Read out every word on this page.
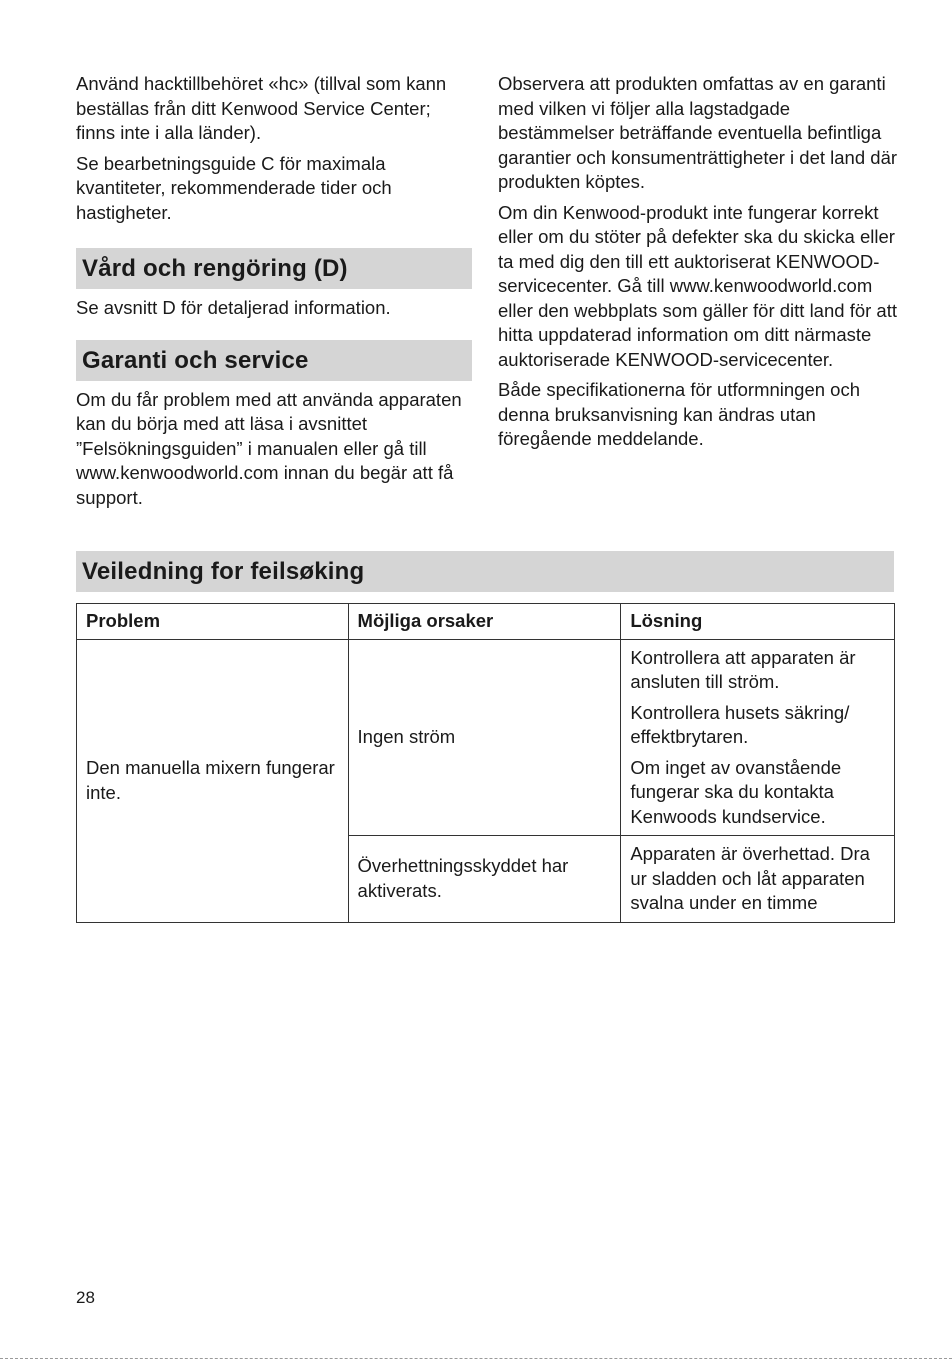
Använd hacktillbehöret «hc» (tillval som kann beställas från ditt Kenwood Service Center; finns inte i alla länder).

Se bearbetningsguide C för maximala kvantiteter, rekommenderade tider och hastigheter.

Vård och rengöring (D)

Se avsnitt D för detaljerad information.

Garanti och service

Om du får problem med att använda apparaten kan du börja med att läsa i avsnittet ”Felsökningsguiden” i manualen eller gå till www.kenwoodworld.com innan du begär att få support.

Observera att produkten omfattas av en garanti med vilken vi följer alla lagstadgade bestämmelser beträffande eventuella befintliga garantier och konsumenträttigheter i det land där produkten köptes.

Om din Kenwood-produkt inte fungerar korrekt eller om du stöter på defekter ska du skicka eller ta med dig den till ett auktoriserat KENWOOD-servicecenter. Gå till www.kenwoodworld.com eller den webbplats som gäller för ditt land för att hitta uppdaterad information om ditt närmaste auktoriserade KENWOOD-servicecenter.

Både specifikationerna för utformningen och denna bruksanvisning kan ändras utan föregående meddelande.

Veiledning for feilsøking
Problem	Möjliga orsaker	Lösning
Den manuella mixern fungerar inte.	Ingen ström	Kontrollera att apparaten är ansluten till ström.

Kontrollera husets säkring/ effektbrytaren.

Om inget av ovanstående fungerar ska du kontakta Kenwoods kundservice.

	Överhettningsskyddet har aktiverats.	Apparaten är överhettad. Dra ur sladden och låt apparaten svalna under en timme
28
